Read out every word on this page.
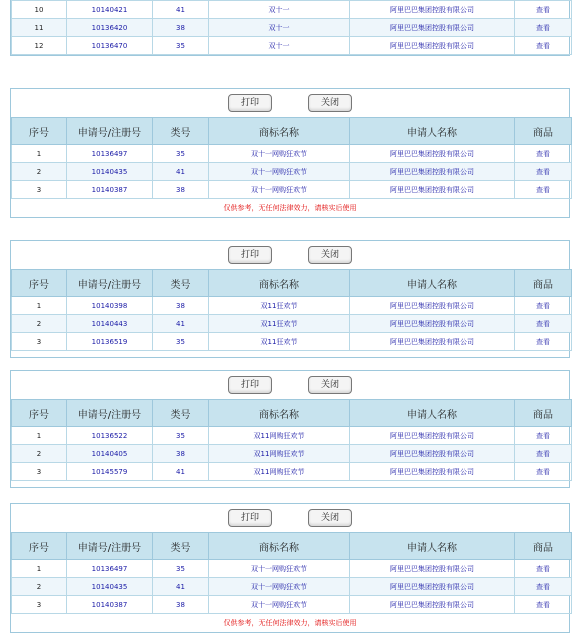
10	10140421	41	双十一	阿里巴巴集团控股有限公司	查看
11	10136420	38	双十一	阿里巴巴集团控股有限公司	查看
12	10136470	35	双十一	阿里巴巴集团控股有限公司	查看
打印	关闭
序号	申请号/注册号	类号	商标名称	申请人名称	商品
1	10136497	35	双十一网购狂欢节	阿里巴巴集团控股有限公司	查看
2	10140435	41	双十一网购狂欢节	阿里巴巴集团控股有限公司	查看
3	10140387	38	双十一网购狂欢节	阿里巴巴集团控股有限公司	查看
仅供参考，无任何法律效力，请核实后使用
打印	关闭
序号	申请号/注册号	类号	商标名称	申请人名称	商品
1	10140398	38	双11狂欢节	阿里巴巴集团控股有限公司	查看
2	10140443	41	双11狂欢节	阿里巴巴集团控股有限公司	查看
3	10136519	35	双11狂欢节	阿里巴巴集团控股有限公司	查看
打印	关闭
序号	申请号/注册号	类号	商标名称	申请人名称	商品
1	10136522	35	双11网购狂欢节	阿里巴巴集团控股有限公司	查看
2	10140405	38	双11网购狂欢节	阿里巴巴集团控股有限公司	查看
3	10145579	41	双11网购狂欢节	阿里巴巴集团控股有限公司	查看
打印	关闭
序号	申请号/注册号	类号	商标名称	申请人名称	商品
1	10136497	35	双十一网购狂欢节	阿里巴巴集团控股有限公司	查看
2	10140435	41	双十一网购狂欢节	阿里巴巴集团控股有限公司	查看
3	10140387	38	双十一网购狂欢节	阿里巴巴集团控股有限公司	查看
仅供参考，无任何法律效力，请核实后使用
